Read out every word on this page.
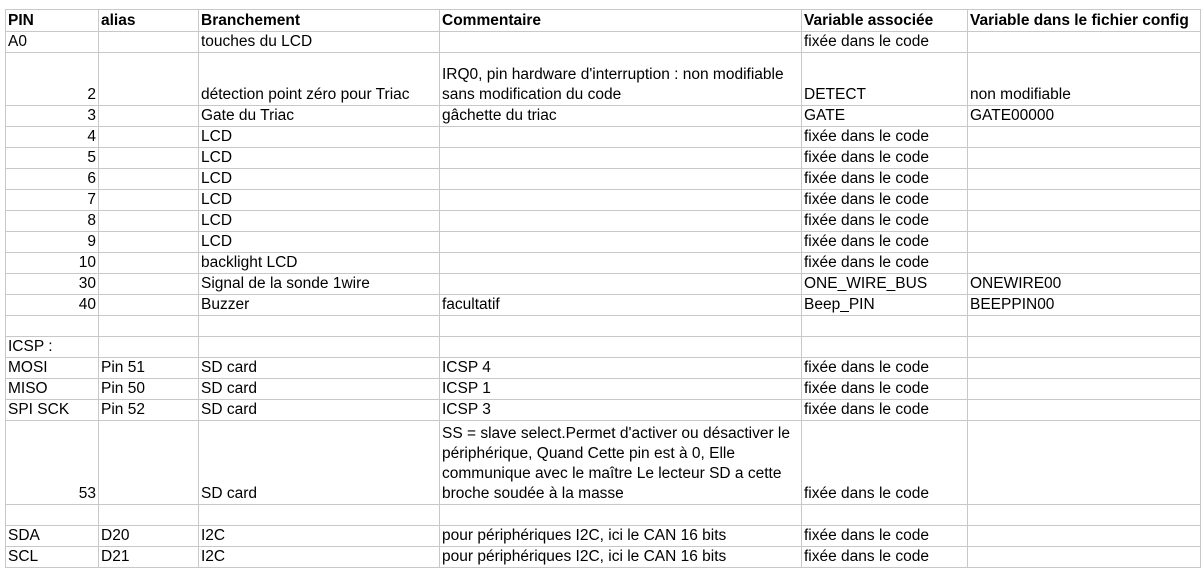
PIN	alias	Branchement	Commentaire	Variable associée	Variable dans le fichier config
A0		touches du LCD		fixée dans le code	
2		détection point zéro pour Triac	IRQ0, pin hardware d'interruption : non modifiable sans modification du code	DETECT	non modifiable
3		Gate du Triac	gâchette du triac	GATE	GATE00000
4		LCD		fixée dans le code	
5		LCD		fixée dans le code	
6		LCD		fixée dans le code	
7		LCD		fixée dans le code	
8		LCD		fixée dans le code	
9		LCD		fixée dans le code	
10		backlight LCD		fixée dans le code	
30		Signal de la sonde 1wire		ONE_WIRE_BUS	ONEWIRE00
40		Buzzer	facultatif	Beep_PIN	BEEPPIN00

ICSP :					
MOSI	Pin 51	SD card	ICSP 4	fixée dans le code	
MISO	Pin 50	SD card	ICSP 1	fixée dans le code	
SPI SCK	Pin 52	SD card	ICSP 3	fixée dans le code	
53		SD card	SS = slave select.Permet d'activer ou désactiver le périphérique, Quand Cette pin est à 0, Elle communique avec le maître Le lecteur SD a cette broche soudée à la masse	fixée dans le code	

SDA	D20	I2C	pour périphériques I2C, ici le CAN 16 bits	fixée dans le code	
SCL	D21	I2C	pour périphériques I2C, ici le CAN 16 bits	fixée dans le code	
